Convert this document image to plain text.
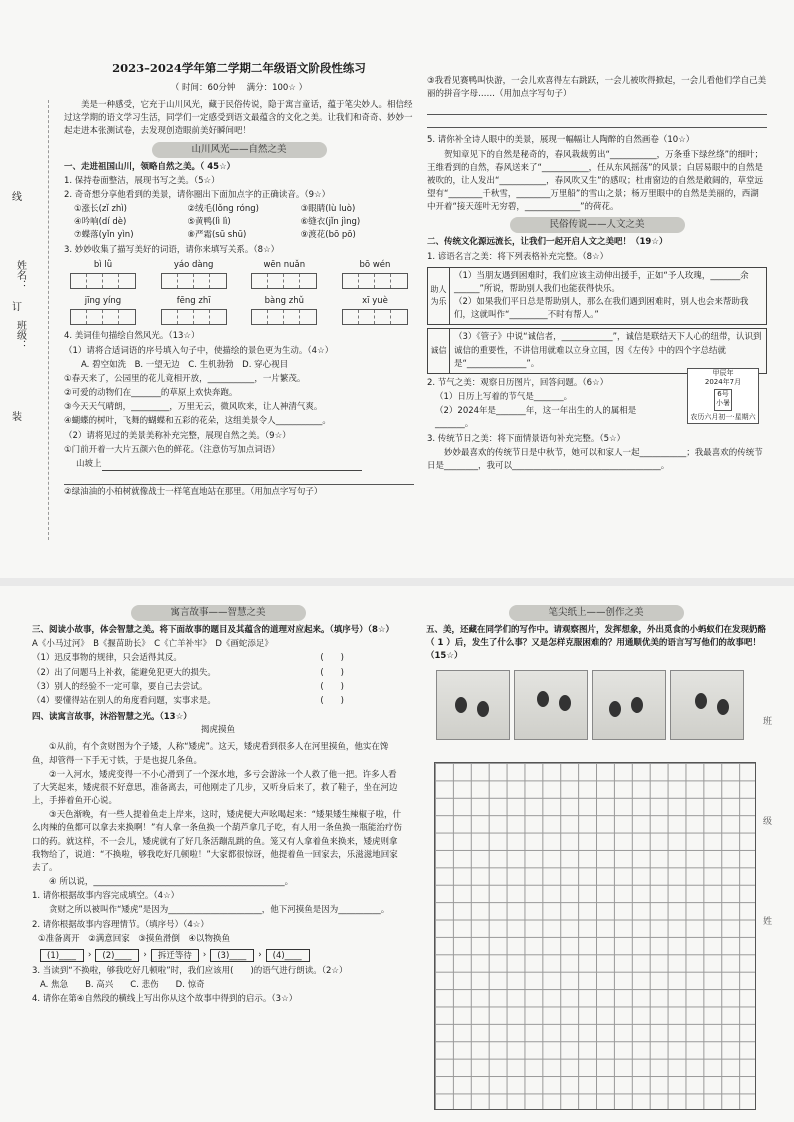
线
姓名：
订
班级：
装
2023–2024学年第二学期二年级语文阶段性练习
（ 时间：60分钟　 满分：100☆ ）
美是一种感受，它充于山川风光，藏于民俗传说，隐于寓言童话，蕴于笔尖妙人。相信经过这学期的语文学习生活，同学们一定感受到语文最蕴含的文化之美。让我们和奇奇、妙妙一起走进本张测试卷，去发现创造眼前美好瞬间吧！
山川风光——自然之美
一、走进祖国山川，领略自然之美。（ 45☆）
1. 保持卷面整洁，展现书写之美。（5☆）
2. 奇奇想分享他看到的美景，请你圈出下面加点字的正确读音。（9☆）
①涨长(zǐ zhì)	②绒毛(lǒng róng)	③眼睛(lù luò)
④吟响(dí dè)	⑤黄鸭(lì lì)	⑥缝衣(jǐn jìng)
⑦蝶落(yǐn yìn)	⑧严霜(sū shū)	⑨渡花(bō pō)
3. 妙妙收集了描写美好的词语，请你来填写关系。（8☆）
bì lǜ	yáo dàng	wēn nuǎn	bō wén
jīng yíng	fēng zhī	bàng zhǔ	xī yuè
4. 美词佳句描绘自然风光。（13☆）
（1）请将合适词语的序号填入句子中，使描绘的景色更为生动。（4☆）
A. 碧空如洗　B. 一望无边　C. 生机勃勃　D. 穿心视目
①春天来了，公园里的花儿竟相开放，___________，一片繁茂。
②可爱的动物们在_______的草原上欢快奔跑。
③今天天气晴朗，_________，万里无云，微风吹来，让人神清气爽。
④蝴蝶的树叶，飞舞的蝴蝶和五彩的花朵，这组美景令人___________。
（2）请将见过的美景美称补充完整，展现自然之美。（9☆）
①门前开着一大片五颜六色的鲜花。（注意仿写加点词语）
山坡上
②绿油油的小柏树就像战士一样笔直地站在那里。（用加点字写句子）
③我看见赛鸭叫快游，一会儿欢喜得左右跳跃，一会儿被吹得掀起，一会儿看他们学自己美丽的拼音字母……（用加点字写句子）
5. 请你补全诗人眼中的美景，展现一幅幅让人陶醉的自然画卷（10☆）
贺知章见下的自然是秘奇的，春风栽裁剪出“___________，万条垂下绿丝绦”的细叶；王维看到的自然，春风送来了“___________，任从东风摇荡”的风景；白居易眼中的自然是被吹的，让人发出“___________，春风吹又生”的感叹；杜甫窗边的自然是敞阔的，草堂远望有“________千秋雪，________万里船”的雪山之景；杨万里眼中的自然是美丽的，西湖中开着“接天莲叶无穷碧，_____________”的荷花。
民俗传说——人文之美
二、传统文化源远流长，让我们一起开启人文之美吧！（19☆）
1. 谚语名言之美：将下列表格补充完整。（8☆）
助人为乐
（1）当朋友遇到困难时，我们应该主动伸出援手，正如“予人玫瑰，_______余______”所说，帮助别人我们也能获得快乐。
（2）如果我们平日总是帮助别人，那么在我们遇到困难时，别人也会来帮助我们，这就叫作“_________不时有帮人。”
诚信
（3）《管子》中说“诚信者，____________”，诚信是联结天下人心的纽带，认识到诚信的重要性，不讲信用就难以立身立国，因《左传》中的四个字总结就是“______________”。
2. 节气之美：观察日历图片，回答问题。（6☆）
（1）日历上写着的节气是_______。
（2）2024年是_______年，这一年出生的人的属相是_______。
甲辰年
2024年7月
6号小暑
农历六月初一·星期六
3. 传统节日之美：将下面情景语句补充完整。（5☆）
妙妙最喜欢的传统节日是中秋节，她可以和家人一起___________；我最喜欢的传统节日是________，我可以___________________________________。
寓言故事——智慧之美
三、阅读小故事，体会智慧之美。将下面故事的题目及其蕴含的道理对应起来。（填序号）（8☆）
A《小马过河》　B《揠苗助长》　C《亡羊补牢》　D《画蛇添足》
（1）迅反事物的规律，只会适得其反。	(　　)
（2）出了问题马上补救，能避免犯更大的损失。	(　　)
（3）别人的经验不一定可靠，要自己去尝试。	(　　)
（4）要懂得站在别人的角度看问题，实事求是。	(　　)
四、读寓言故事，沐浴智慧之光。（13☆）
揭虎摸鱼
①从前，有个贪财图为个子矮，人称“矮虎”。这天，矮虎看到很多人在河里摸鱼，他实在馋鱼，却管得一下手无寸铁，于是也捉几条鱼。
②一入河水，矮虎变得一不小心滑到了一个深水地，多亏会游泳一个人救了他一把。许多人看了大笑起来，矮虎很不好意思，准备离去，可他刚走了几步，又听身后来了，救了鞋子，坐在河边上，手捧着鱼开心说。
③天色渐晚，有一些人提着鱼走上岸来，这时，矮虎便大声吆喝起来：“矮果矮生辣椒子啦，什么肉辣的鱼都可以拿去来换啊！”有人拿一条鱼换一个葫芦拿几子吃，有人用一条鱼换一瓶能治疗伤口的药。就这样，不一会儿，矮虎就有了好几条活蹦乱跳的鱼。笼又有人拿着鱼来换来，矮虎则拿我物给了，说道：“不换啦，够我吃好几顿啦！”大家都很惊讶，他提着鱼一回家去，乐滋滋地回家去了。
④ 所以说，_____________________________________________。
1. 请你根据故事内容完成填空。（4☆）
贪财之所以被叫作“矮虎”是因为______________________，他下河摸鱼是因为__________。
2. 请你根据故事内容理情节。（填序号）（4☆）
①准备离开　②满意回家　③摸鱼滑倒　④以物换鱼
(1)____	›	(2)____	›	拆迁等待	›	(3)____	›	(4)____
3. 当读到“不换啦，够我吃好几顿啦”时，我们应该用(　　)的语气进行朗读。（2☆）
A. 焦急　　B. 高兴　　C. 悲伤　　D. 惊奇
4. 请你在第④自然段的横线上写出你从这个故事中得到的启示。（3☆）
笔尖纸上——创作之美
五、美，还藏在同学们的写作中。请观察图片，发挥想象，外出觅食的小蚂蚁们在发现奶酪（ 1 ）后，发生了什么事？又是怎样克服困难的？用通顺优美的语言写写他们的故事吧！（15☆）
班
级
姓
